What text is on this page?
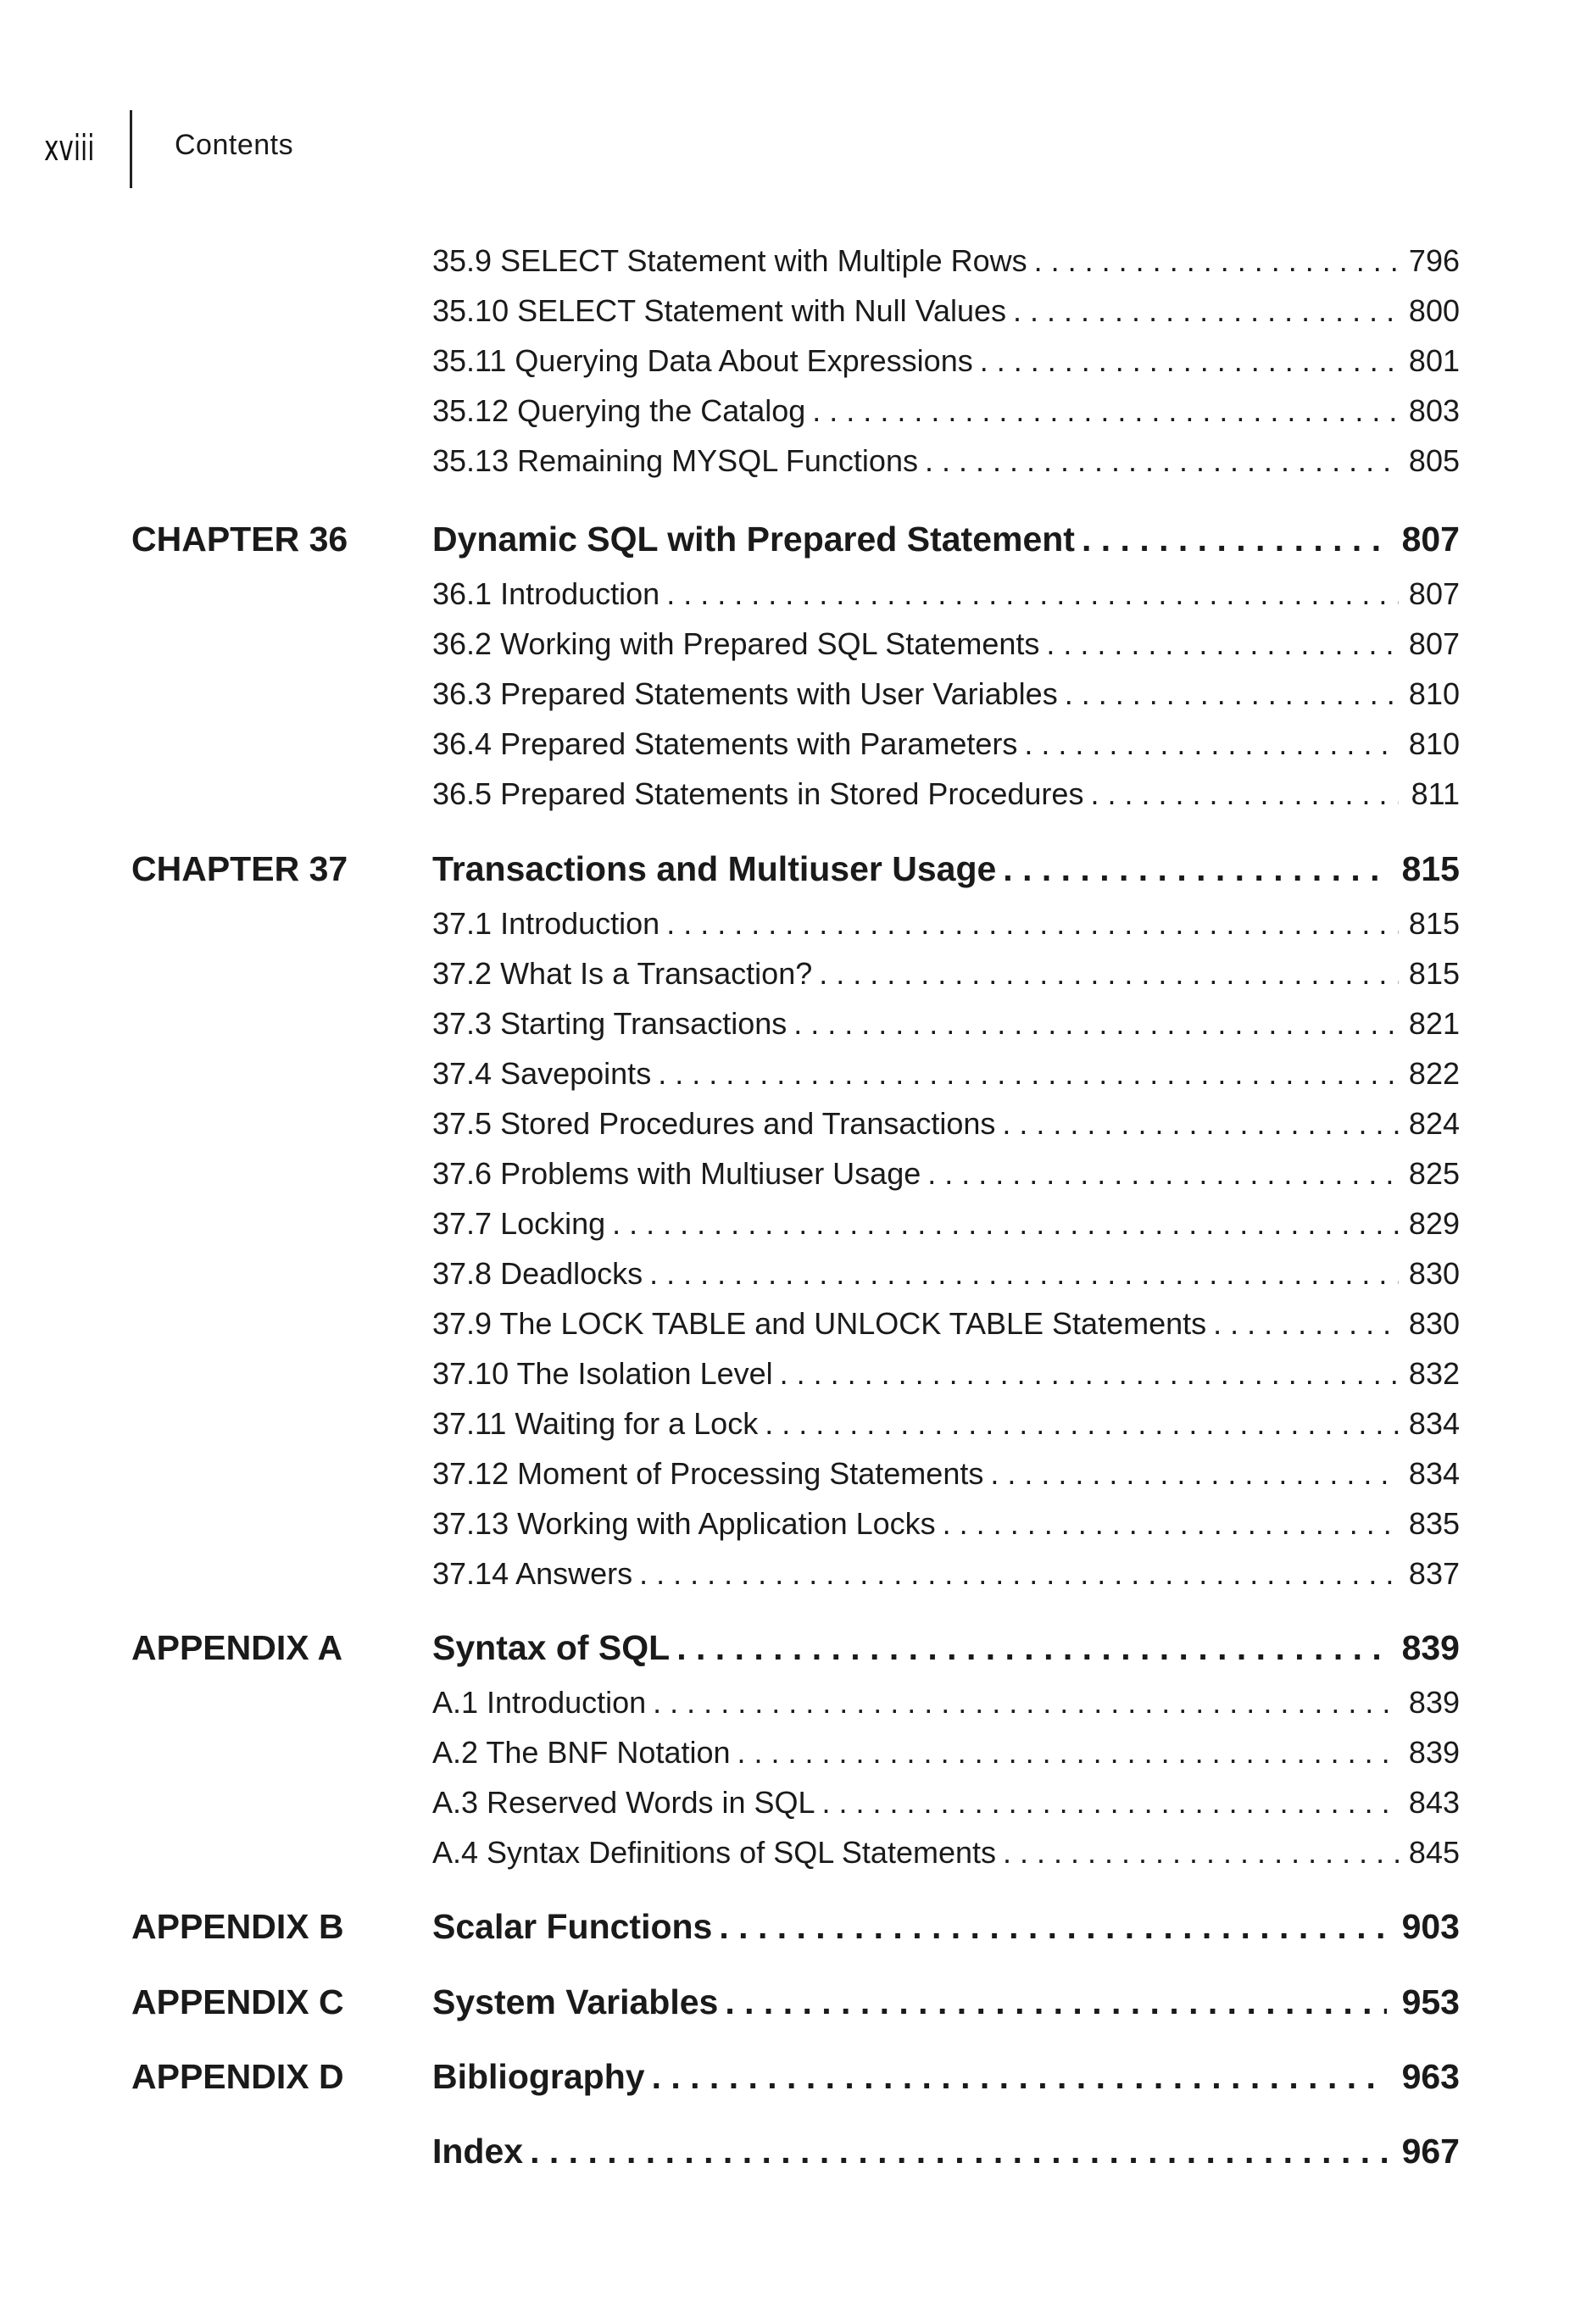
xviii	Contents
35.9 SELECT Statement with Multiple Rows . . .	796
35.10 SELECT Statement with Null Values . . .	800
35.11 Querying Data About Expressions . . .	801
35.12 Querying the Catalog . . .	803
35.13 Remaining MYSQL Functions . . .	805
CHAPTER 36 Dynamic SQL with Prepared Statement . . .	807
36.1 Introduction . . .	807
36.2 Working with Prepared SQL Statements . . .	807
36.3 Prepared Statements with User Variables . . .	810
36.4 Prepared Statements with Parameters . . .	810
36.5 Prepared Statements in Stored Procedures . . .	811
CHAPTER 37 Transactions and Multiuser Usage . . .	815
37.1 Introduction . . .	815
37.2 What Is a Transaction? . . .	815
37.3 Starting Transactions . . .	821
37.4 Savepoints . . .	822
37.5 Stored Procedures and Transactions . . .	824
37.6 Problems with Multiuser Usage . . .	825
37.7 Locking . . .	829
37.8 Deadlocks . . .	830
37.9 The LOCK TABLE and UNLOCK TABLE Statements . . .	830
37.10 The Isolation Level . . .	832
37.11 Waiting for a Lock . . .	834
37.12 Moment of Processing Statements . . .	834
37.13 Working with Application Locks . . .	835
37.14 Answers . . .	837
APPENDIX A	Syntax of SQL . . .	839
A.1 Introduction . . .	839
A.2 The BNF Notation . . .	839
A.3 Reserved Words in SQL . . .	843
A.4 Syntax Definitions of SQL Statements . . .	845
APPENDIX B	Scalar Functions . . .	903
APPENDIX C	System Variables . . .	953
APPENDIX D	Bibliography . . .	963
Index . . .	967
